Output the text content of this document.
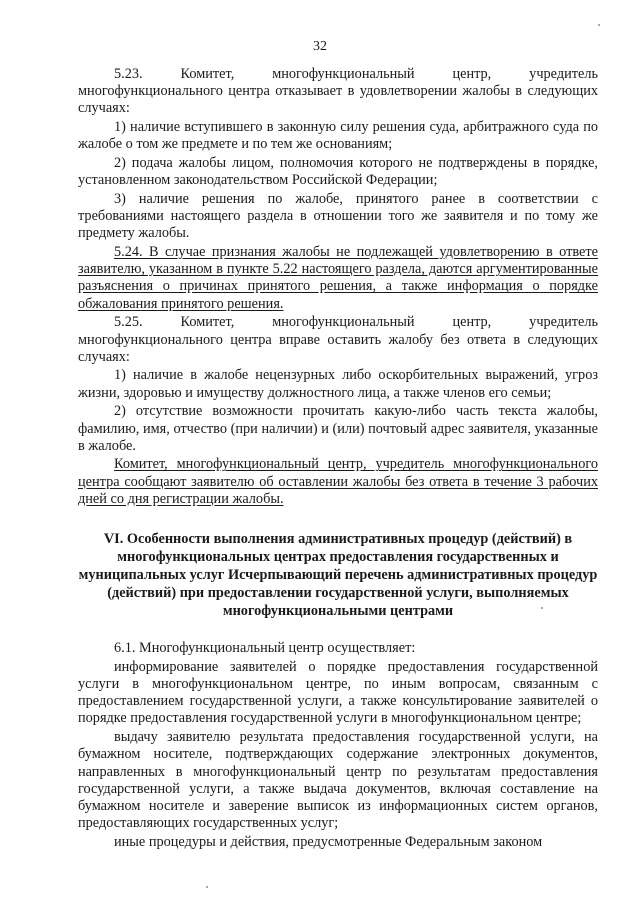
32

5.23. Комитет, многофункциональный центр, учредитель многофункционального центра отказывает в удовлетворении жалобы в следующих случаях:

1) наличие вступившего в законную силу решения суда, арбитражного суда по жалобе о том же предмете и по тем же основаниям;

2) подача жалобы лицом, полномочия которого не подтверждены в порядке, установленном законодательством Российской Федерации;

3) наличие решения по жалобе, принятого ранее в соответствии с требованиями настоящего раздела в отношении того же заявителя и по тому же предмету жалобы.

5.24. В случае признания жалобы не подлежащей удовлетворению в ответе заявителю, указанном в пункте 5.22 настоящего раздела, даются аргументированные разъяснения о причинах принятого решения, а также информация о порядке обжалования принятого решения.

5.25. Комитет, многофункциональный центр, учредитель многофункционального центра вправе оставить жалобу без ответа в следующих случаях:

1) наличие в жалобе нецензурных либо оскорбительных выражений, угроз жизни, здоровью и имуществу должностного лица, а также членов его семьи;

2) отсутствие возможности прочитать какую-либо часть текста жалобы, фамилию, имя, отчество (при наличии) и (или) почтовый адрес заявителя, указанные в жалобе.

Комитет, многофункциональный центр, учредитель многофункционального центра сообщают заявителю об оставлении жалобы без ответа в течение 3 рабочих дней со дня регистрации жалобы.

VI. Особенности выполнения административных процедур (действий) в многофункциональных центрах предоставления государственных и муниципальных услуг Исчерпывающий перечень административных процедур (действий) при предоставлении государственной услуги, выполняемых многофункциональными центрами

6.1. Многофункциональный центр осуществляет:

информирование заявителей о порядке предоставления государственной услуги в многофункциональном центре, по иным вопросам, связанным с предоставлением государственной услуги, а также консультирование заявителей о порядке предоставления государственной услуги в многофункциональном центре;

выдачу заявителю результата предоставления государственной услуги, на бумажном носителе, подтверждающих содержание электронных документов, направленных в многофункциональный центр по результатам предоставления государственной услуги, а также выдача документов, включая составление на бумажном носителе и заверение выписок из информационных систем органов, предоставляющих государственных услуг;

иные процедуры и действия, предусмотренные Федеральным законом
